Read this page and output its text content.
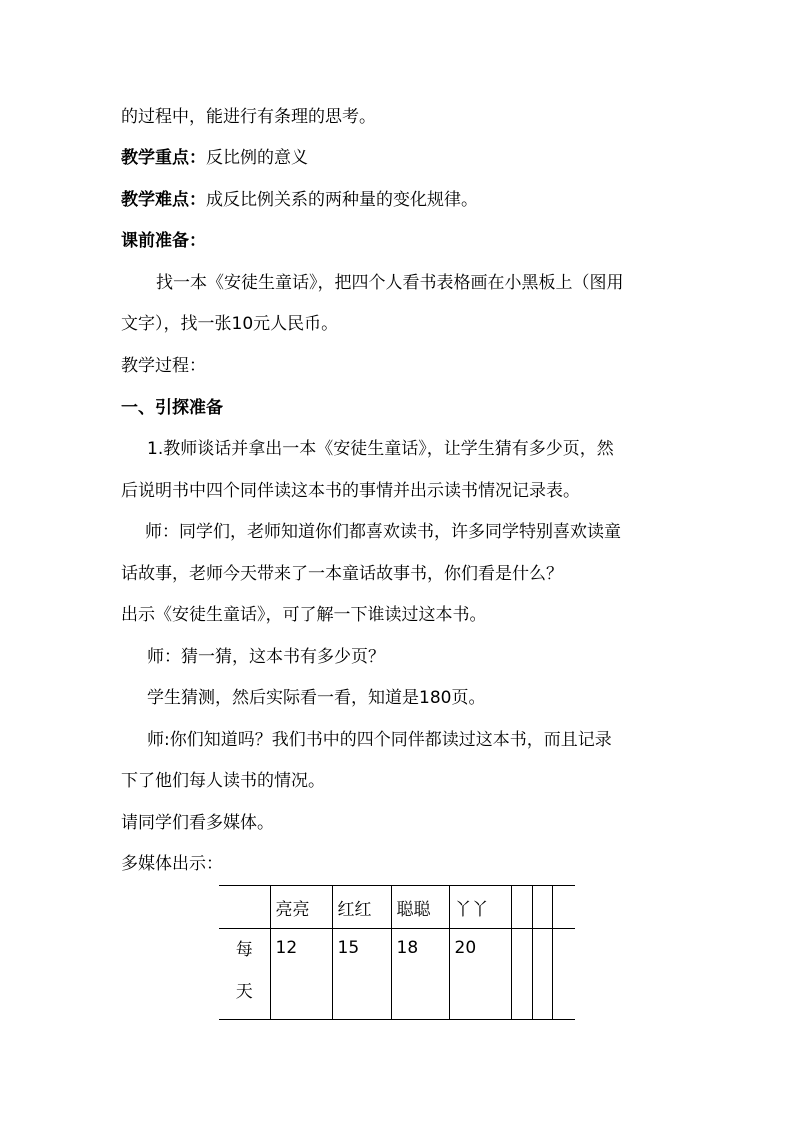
的过程中，能进行有条理的思考。
教学重点：反比例的意义
教学难点：成反比例关系的两种量的变化规律。
课前准备：
找一本《安徒生童话》，把四个人看书表格画在小黑板上（图用
文字），找一张10元人民币。
教学过程：
一、引探准备
1.教师谈话并拿出一本《安徒生童话》，让学生猜有多少页，然
后说明书中四个同伴读这本书的事情并出示读书情况记录表。
师：同学们，老师知道你们都喜欢读书，许多同学特别喜欢读童
话故事，老师今天带来了一本童话故事书，你们看是什么？
出示《安徒生童话》，可了解一下谁读过这本书。
师：猜一猜，这本书有多少页？
学生猜测，然后实际看一看，知道是180页。
师:你们知道吗？我们书中的四个同伴都读过这本书，而且记录
下了他们每人读书的情况。
请同学们看多媒体。
多媒体出示：
	亮亮	红红	聪聪	丫丫			

每
天	12	15	18	20			
